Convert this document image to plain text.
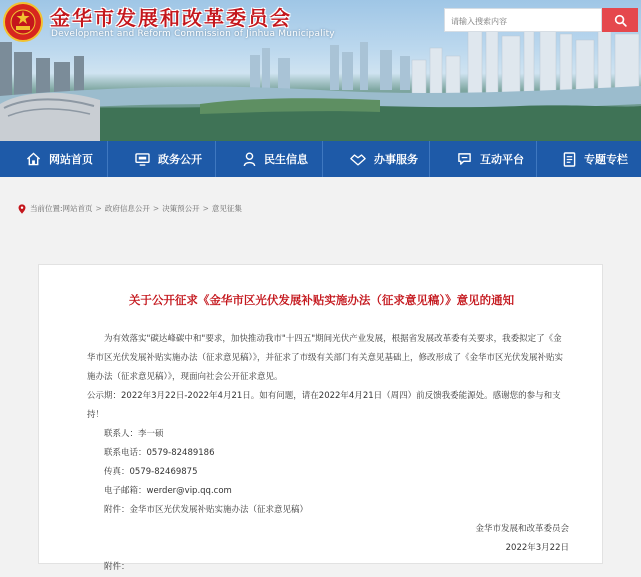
金华市发展和改革委员会
Development and Reform Commission of Jinhua Municipality
请输入搜索内容
网站首页	政务公开	民生信息	办事服务	互动平台	专题专栏
当前位置: 网站首页 > 政府信息公开 > 决策预公开 > 意见征集
关于公开征求《金华市区光伏发展补贴实施办法（征求意见稿）》意见的通知

为有效落实"碳达峰碳中和"要求，加快推动我市"十四五"期间光伏产业发展，根据省发展改革委有关要求，我委拟定了《金华市区光伏发展补贴实施办法（征求意见稿）》，并征求了市级有关部门有关意见基础上，修改形成了《金华市区光伏发展补贴实施办法（征求意见稿）》，现面向社会公开征求意见。

公示期：2022年3月22日-2022年4月21日。如有问题，请在2022年4月21日（周四）前反馈我委能源处。感谢您的参与和支持！

联系人：李一硕

联系电话：0579-82489186

传真：0579-82469875

电子邮箱：werder@vip.qq.com

附件：金华市区光伏发展补贴实施办法（征求意见稿）

金华市发展和改革委员会

2022年3月22日

附件：
